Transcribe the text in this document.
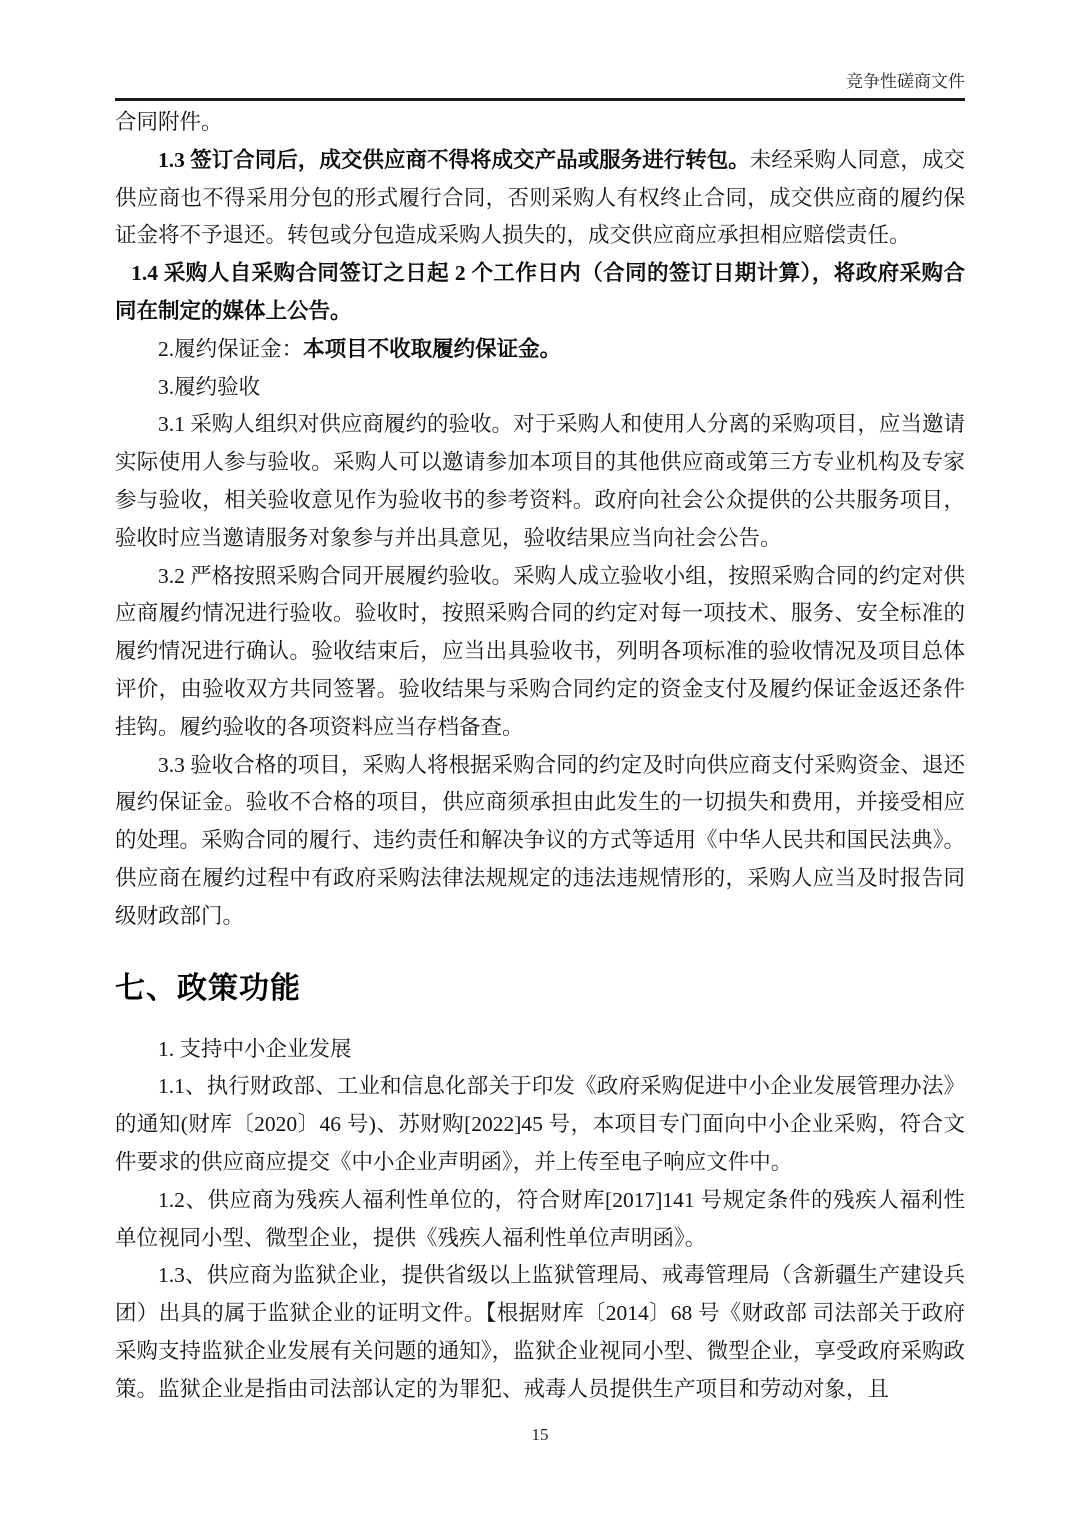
竞争性磋商文件

合同附件。

1.3 签订合同后，成交供应商不得将成交产品或服务进行转包。未经采购人同意，成交供应商也不得采用分包的形式履行合同，否则采购人有权终止合同，成交供应商的履约保证金将不予退还。转包或分包造成采购人损失的，成交供应商应承担相应赔偿责任。

1.4 采购人自采购合同签订之日起 2 个工作日内（合同的签订日期计算），将政府采购合同在制定的媒体上公告。

2.履约保证金：本项目不收取履约保证金。

3.履约验收

3.1 采购人组织对供应商履约的验收。对于采购人和使用人分离的采购项目，应当邀请实际使用人参与验收。采购人可以邀请参加本项目的其他供应商或第三方专业机构及专家参与验收，相关验收意见作为验收书的参考资料。政府向社会公众提供的公共服务项目，验收时应当邀请服务对象参与并出具意见，验收结果应当向社会公告。

3.2 严格按照采购合同开展履约验收。采购人成立验收小组，按照采购合同的约定对供应商履约情况进行验收。验收时，按照采购合同的约定对每一项技术、服务、安全标准的履约情况进行确认。验收结束后，应当出具验收书，列明各项标准的验收情况及项目总体评价，由验收双方共同签署。验收结果与采购合同约定的资金支付及履约保证金返还条件挂钩。履约验收的各项资料应当存档备查。

3.3 验收合格的项目，采购人将根据采购合同的约定及时向供应商支付采购资金、退还履约保证金。验收不合格的项目，供应商须承担由此发生的一切损失和费用，并接受相应的处理。采购合同的履行、违约责任和解决争议的方式等适用《中华人民共和国民法典》。供应商在履约过程中有政府采购法律法规规定的违法违规情形的，采购人应当及时报告同级财政部门。

七、政策功能

1. 支持中小企业发展

1.1、执行财政部、工业和信息化部关于印发《政府采购促进中小企业发展管理办法》的通知(财库〔2020〕46 号)、苏财购[2022]45 号，本项目专门面向中小企业采购，符合文件要求的供应商应提交《中小企业声明函》，并上传至电子响应文件中。

1.2、供应商为残疾人福利性单位的，符合财库[2017]141 号规定条件的残疾人福利性单位视同小型、微型企业，提供《残疾人福利性单位声明函》。

1.3、供应商为监狱企业，提供省级以上监狱管理局、戒毒管理局（含新疆生产建设兵团）出具的属于监狱企业的证明文件。【根据财库〔2014〕68 号《财政部 司法部关于政府采购支持监狱企业发展有关问题的通知》，监狱企业视同小型、微型企业，享受政府采购政策。监狱企业是指由司法部认定的为罪犯、戒毒人员提供生产项目和劳动对象，且

15
